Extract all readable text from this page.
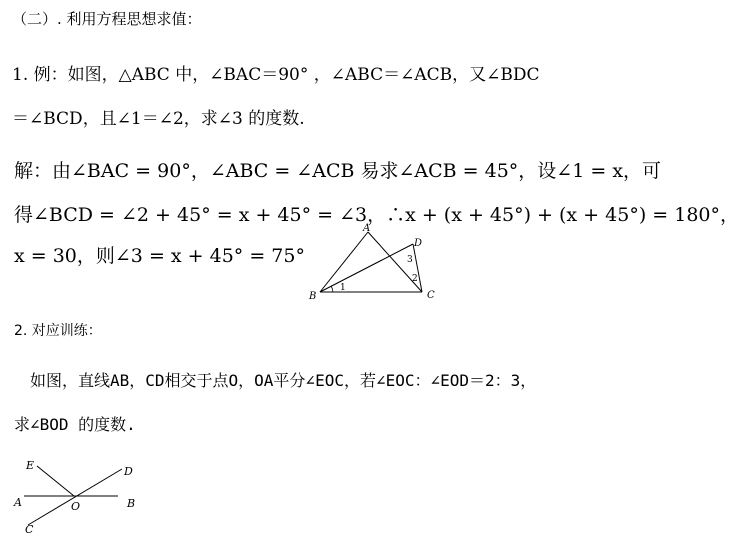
（二）. 利用方程思想求值：
1. 例：如图，△ABC 中，∠BAC＝90° ，∠ABC＝∠ACB，又∠BDC
＝∠BCD，且∠1＝∠2，求∠3 的度数.
解：由∠BAC = 90°，∠ABC = ∠ACB 易求∠ACB = 45°，设∠1 = x，可
得∠BCD = ∠2 + 45° = x + 45° = ∠3，∴x + (x + 45°) + (x + 45°) = 180°，
x = 30，则∠3 = x + 45° = 75°
A
B	C
D
1
2
3
2. 对应训练：
如图，直线AB，CD相交于点O，OA平分∠EOC，若∠EOC：∠EOD＝2：3，
求∠BOD 的度数.
E	D
A	O	B
C
